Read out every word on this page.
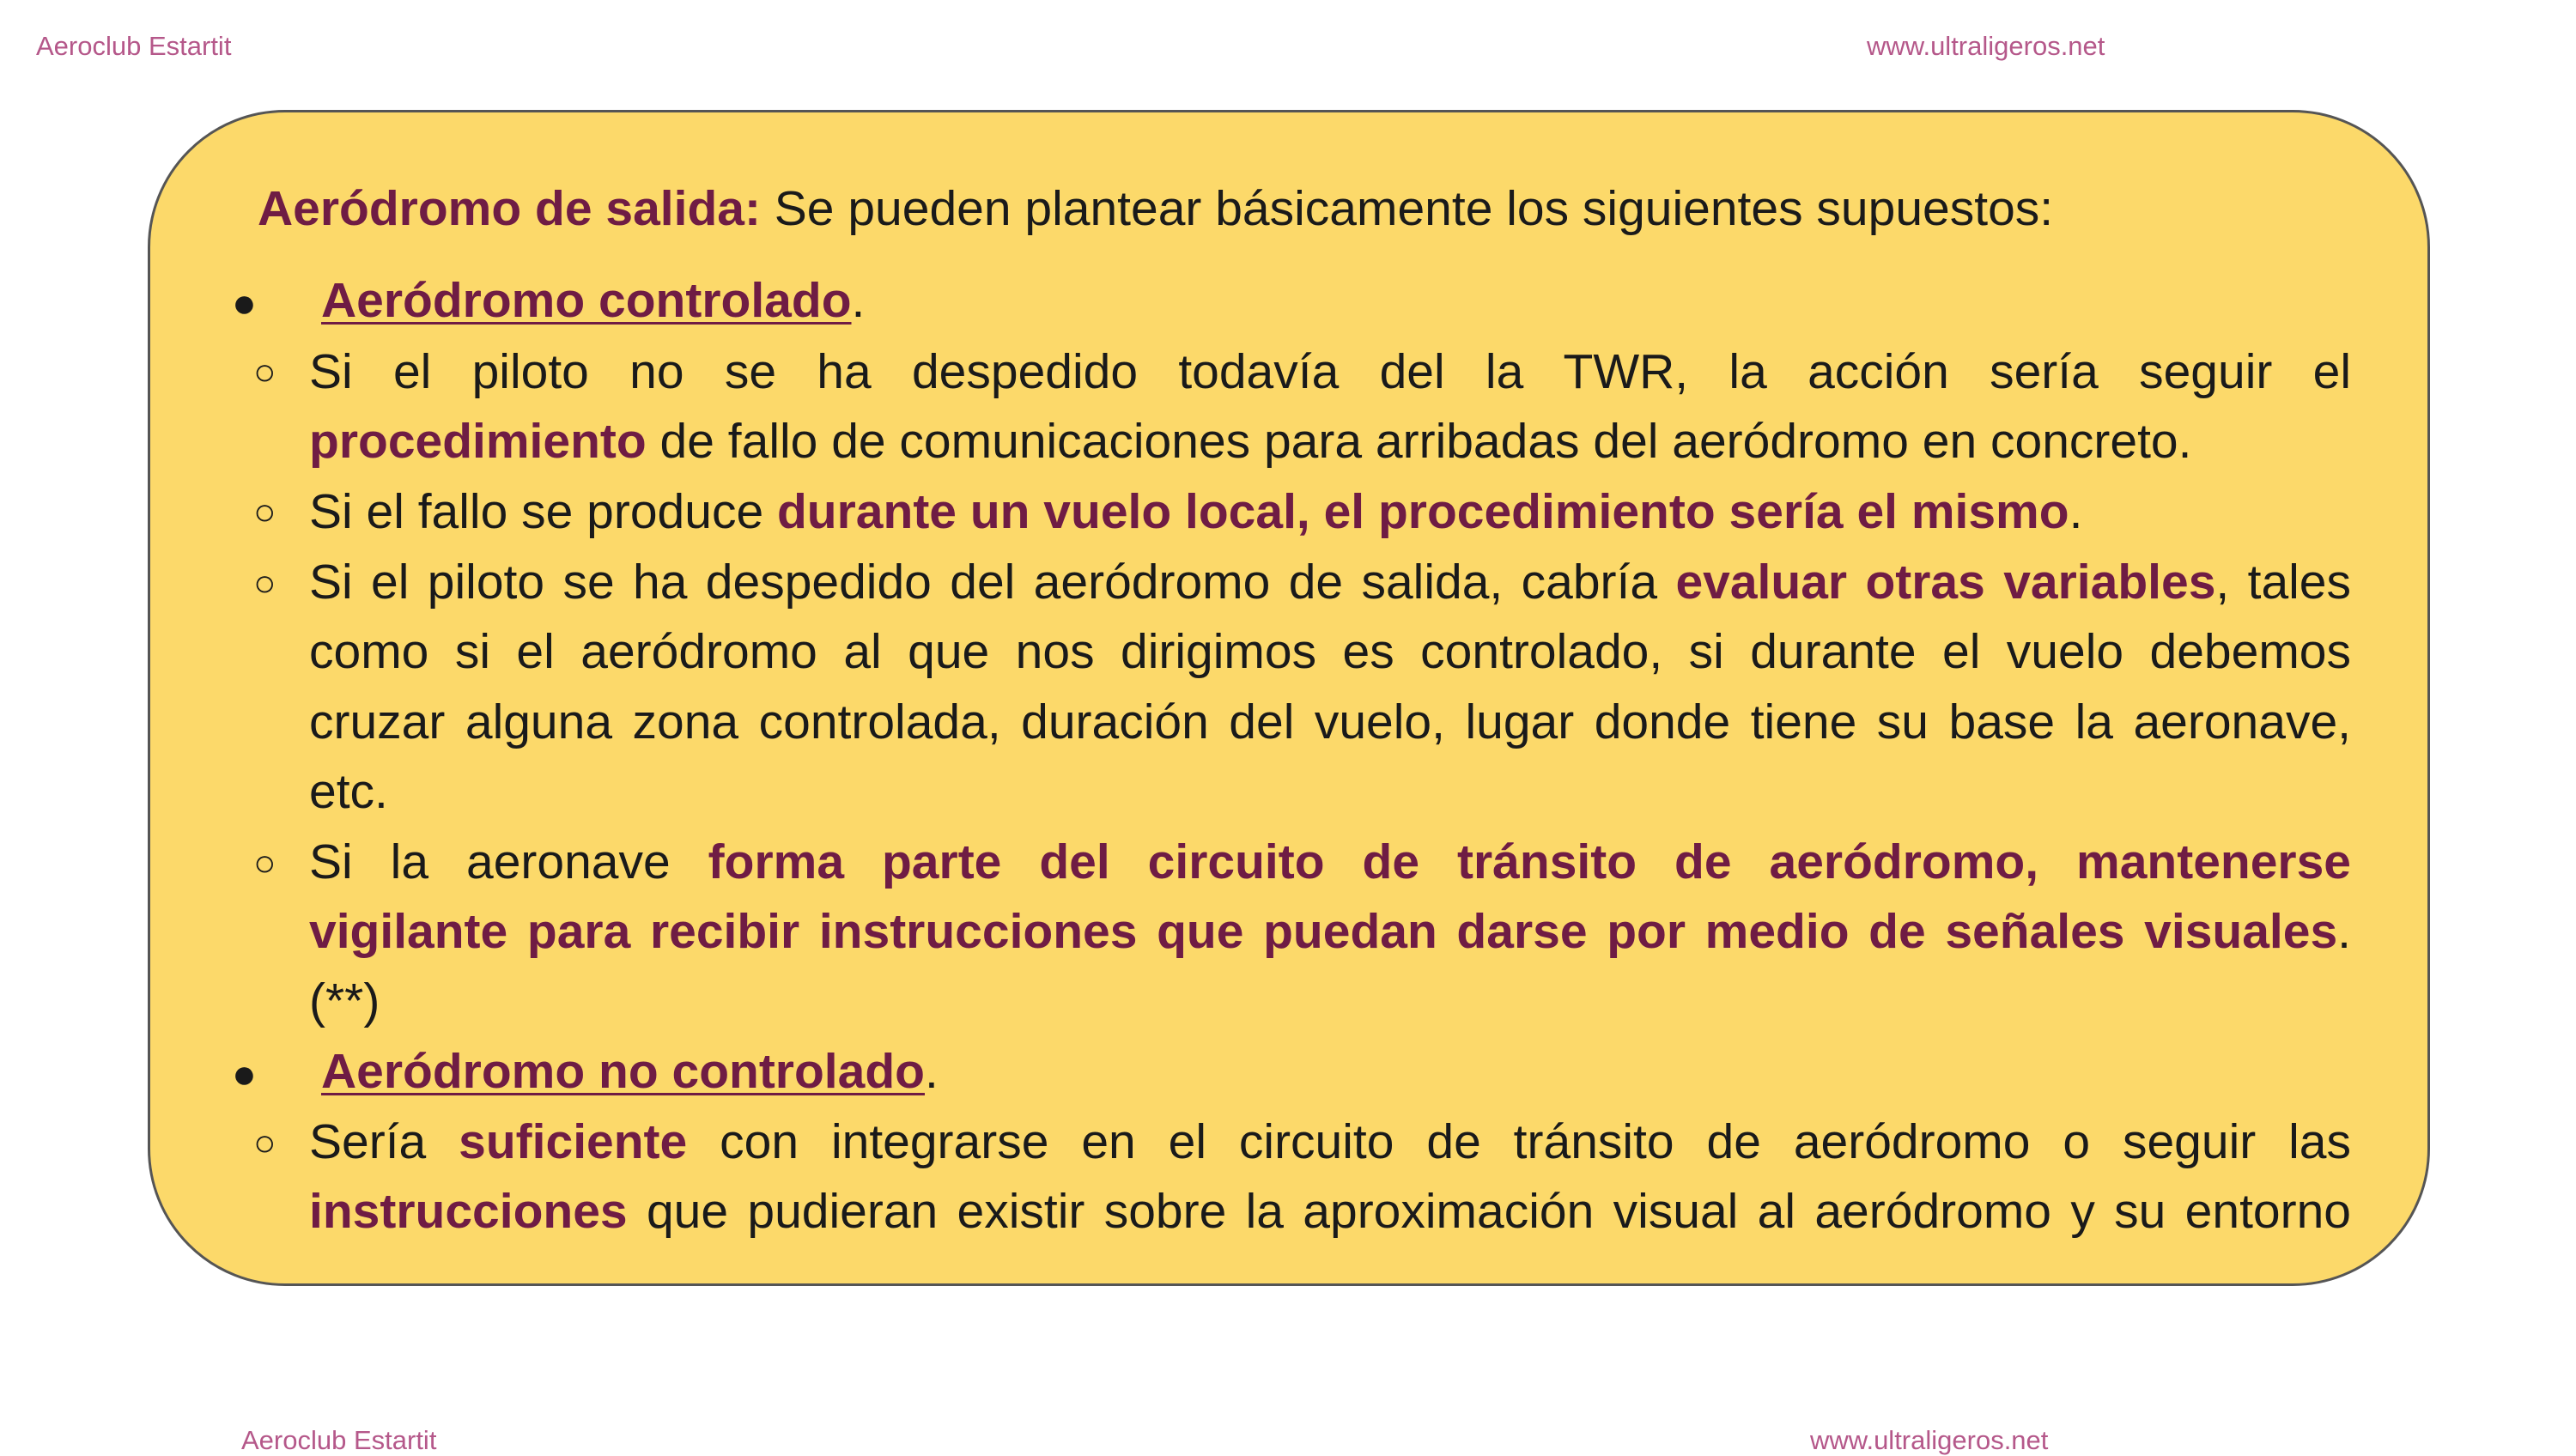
Aeroclub Estartit	www.ultraligeros.net
Aeródromo de salida: Se pueden plantear básicamente los siguientes supuestos:
● Aeródromo controlado.
○ Si el piloto no se ha despedido todavía del la TWR, la acción sería seguir el
procedimiento de fallo de comunicaciones para arribadas del aeródromo en concreto.
○ Si el fallo se produce durante un vuelo local, el procedimiento sería el mismo.
○ Si el piloto se ha despedido del aeródromo de salida, cabría evaluar otras variables, tales
como si el aeródromo al que nos dirigimos es controlado, si durante el vuelo debemos
cruzar alguna zona controlada, duración del vuelo, lugar donde tiene su base la aeronave,
etc.
○ Si la aeronave forma parte del circuito de tránsito de aeródromo, mantenerse
vigilante para recibir instrucciones que puedan darse por medio de señales visuales.
(**)
● Aeródromo no controlado.
○ Sería suficiente con integrarse en el circuito de tránsito de aeródromo o seguir las
instrucciones que pudieran existir sobre la aproximación visual al aeródromo y su entorno
Aeroclub Estartit	www.ultraligeros.net
